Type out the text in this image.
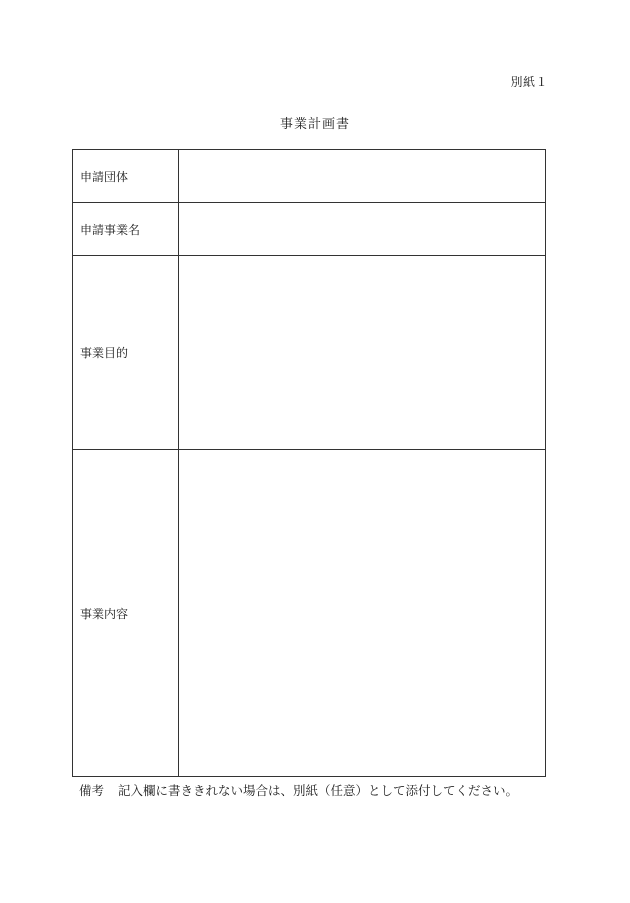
別紙１
事業計画書
申請団体	
申請事業名	
事業目的	
事業内容	
備考 記入欄に書ききれない場合は、別紙（任意）として添付してください。
